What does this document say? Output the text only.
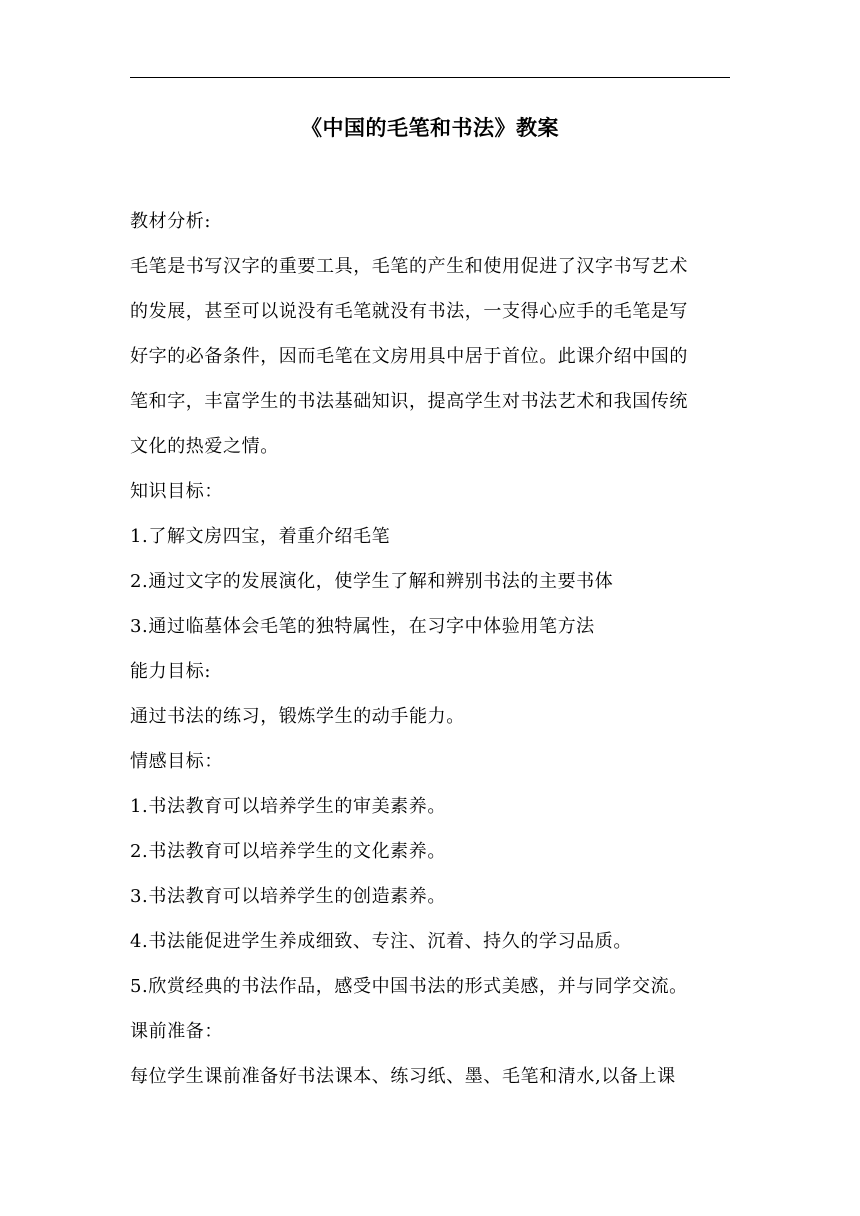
《中国的毛笔和书法》教案
教材分析:
毛笔是书写汉字的重要工具，毛笔的产生和使用促进了汉字书写艺术
的发展，甚至可以说没有毛笔就没有书法，一支得心应手的毛笔是写
好字的必备条件，因而毛笔在文房用具中居于首位。此课介绍中国的
笔和字，丰富学生的书法基础知识，提高学生对书法艺术和我国传统
文化的热爱之情。
知识目标：
1.了解文房四宝，着重介绍毛笔
2.通过文字的发展演化，使学生了解和辨别书法的主要书体
3.通过临墓体会毛笔的独特属性，在习字中体验用笔方法
能力目标:
通过书法的练习，锻炼学生的动手能力。
情感目标：
1.书法教育可以培养学生的审美素养。
2.书法教育可以培养学生的文化素养。
3.书法教育可以培养学生的创造素养。
4.书法能促进学生养成细致、专注、沉着、持久的学习品质。
5.欣赏经典的书法作品，感受中国书法的形式美感，并与同学交流。
课前准备：
每位学生课前准备好书法课本、练习纸、墨、毛笔和清水,以备上课
